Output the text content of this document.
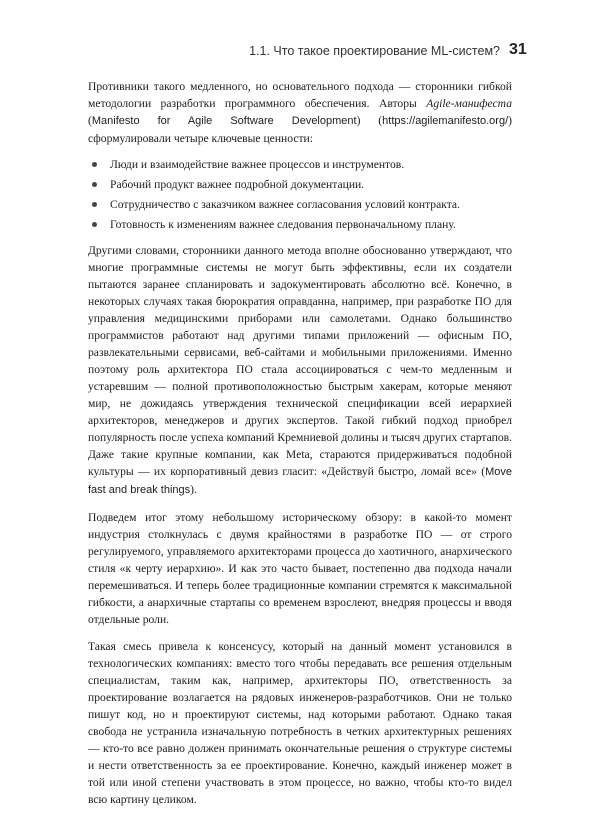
1.1. Что такое проектирование ML-систем? 31

Противники такого медленного, но основательного подхода — сторонники гибкой методологии разработки программного обеспечения. Авторы Agile-манифеста (Manifesto for Agile Software Development) (https://agilemanifesto.org/) сформулировали четыре ключевые ценности:

Люди и взаимодействие важнее процессов и инструментов.
Рабочий продукт важнее подробной документации.
Сотрудничество с заказчиком важнее согласования условий контракта.
Готовность к изменениям важнее следования первоначальному плану.

Другими словами, сторонники данного метода вполне обоснованно утверждают, что многие программные системы не могут быть эффективны, если их создатели пытаются заранее спланировать и задокументировать абсолютно всё. Конечно, в некоторых случаях такая бюрократия оправданна, например, при разработке ПО для управления медицинскими приборами или самолетами. Однако большинство программистов работают над другими типами приложений — офисным ПО, развлекательными сервисами, веб-сайтами и мобильными приложениями. Именно поэтому роль архитектора ПО стала ассоциироваться с чем-то медленным и устаревшим — полной противоположностью быстрым хакерам, которые меняют мир, не дожидаясь утверждения технической спецификации всей иерархией архитекторов, менеджеров и других экспертов. Такой гибкий подход приобрел популярность после успеха компаний Кремниевой долины и тысяч других стартапов. Даже такие крупные компании, как Meta, стараются придерживаться подобной культуры — их корпоративный девиз гласит: «Действуй быстро, ломай все» (Move fast and break things).

Подведем итог этому небольшому историческому обзору: в какой-то момент индустрия столкнулась с двумя крайностями в разработке ПО — от строго регулируемого, управляемого архитекторами процесса до хаотичного, анархического стиля «к черту иерархию». И как это часто бывает, постепенно два подхода начали перемешиваться. И теперь более традиционные компании стремятся к максимальной гибкости, а анархичные стартапы со временем взрослеют, внедряя процессы и вводя отдельные роли.

Такая смесь привела к консенсусу, который на данный момент установился в технологических компаниях: вместо того чтобы передавать все решения отдельным специалистам, таким как, например, архитекторы ПО, ответственность за проектирование возлагается на рядовых инженеров-разработчиков. Они не только пишут код, но и проектируют системы, над которыми работают. Однако такая свобода не устранила изначальную потребность в четких архитектурных решениях — кто-то все равно должен принимать окончательные решения о структуре системы и нести ответственность за ее проектирование. Конечно, каждый инженер может в той или иной степени участвовать в этом процессе, но важно, чтобы кто-то видел всю картину целиком.
